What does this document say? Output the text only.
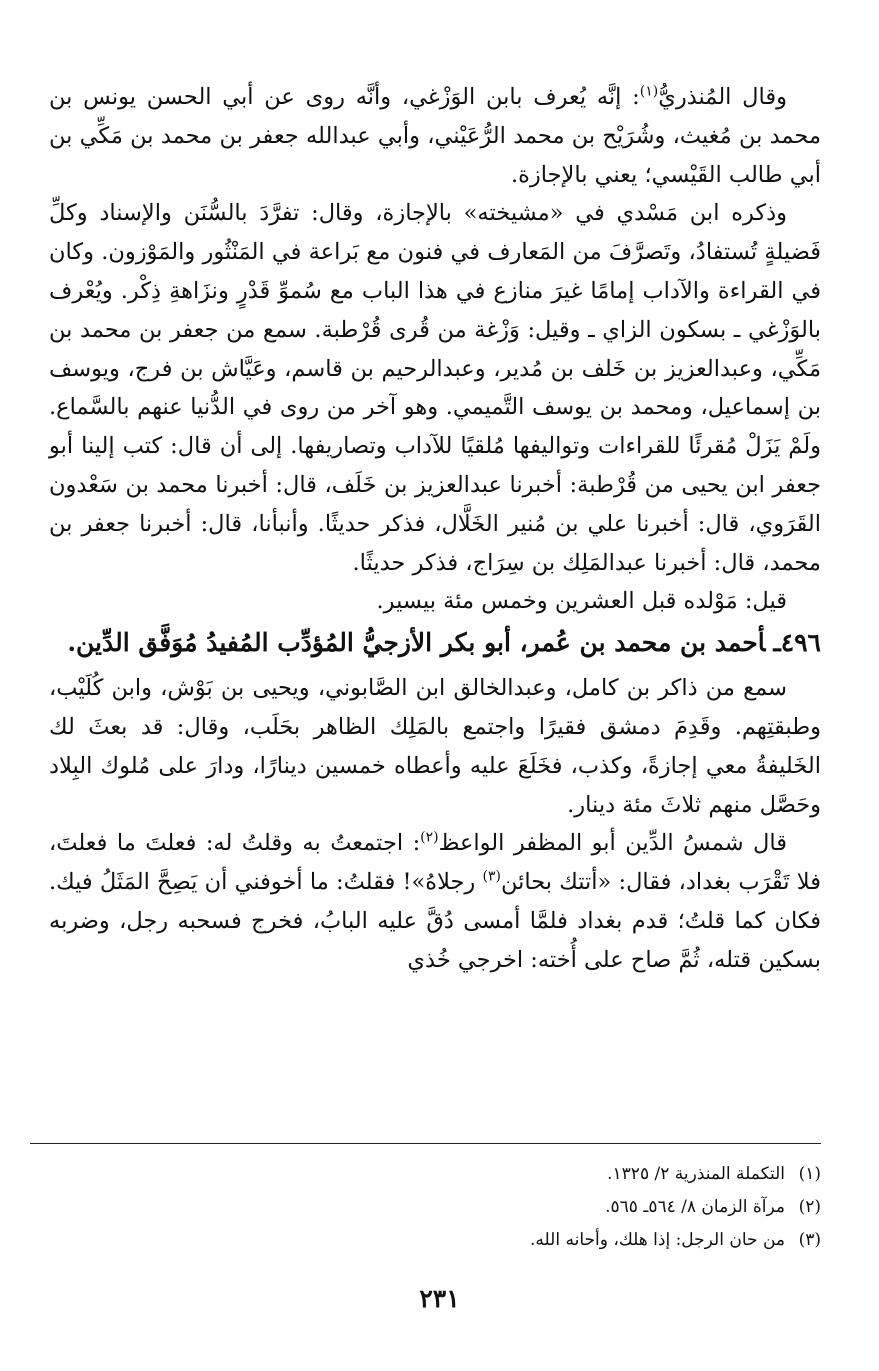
وقال المُنذريُّ$^{(١)}$: إنَّه يُعرف بابن الوَزْغي، وأنَّه روى عن أبي الحسن يونس بن محمد بن مُغيث، وشُرَيْح بن محمد الرُّعَيْني، وأبي عبدالله جعفر بن محمد بن مَكِّي بن أبي طالب القَيْسي؛ يعني بالإجازة.

وذكره ابن مَسْدي في «مشيخته» بالإجازة، وقال: تفرَّدَ بالسُّنَن والإسناد وكلِّ فَضيلةٍ تُستفادُ، وتَصرَّفَ من المَعارف في فنون مع بَراعة في المَنْثُور والمَوْزون. وكان في القراءة والآداب إمامًا غيرَ منازع في هذا الباب مع سُموِّ قَدْرٍ ونزَاهةِ ذِكْر. ويُعْرف بالوَزْغي ـ بسكون الزاي ـ وقيل: وَزْغة من قُرى قُرْطبة. سمع من جعفر بن محمد بن مَكِّي، وعبدالعزيز بن خَلف بن مُدير، وعبدالرحيم بن قاسم، وعَيَّاش بن فرج، ويوسف بن إسماعيل، ومحمد بن يوسف التَّميمي. وهو آخر من روى في الدُّنيا عنهم بالسَّماع. ولَمْ يَزَلْ مُقرئًا للقراءات وتواليفها مُلقيًا للآداب وتصاريفها. إلى أن قال: كتب إلينا أبو جعفر ابن يحيى من قُرْطبة: أخبرنا عبدالعزيز بن خَلَف، قال: أخبرنا محمد بن سَعْدون القَرَوي، قال: أخبرنا علي بن مُنير الخَلَّال، فذكر حديثًا. وأنبأنا، قال: أخبرنا جعفر بن محمد، قال: أخبرنا عبدالمَلِك بن سِرَاج، فذكر حديثًا.

قيل: مَوْلده قبل العشرين وخمس مئة بيسير.

٤٩٦ـأحمد بن محمد بن عُمر، أبو بكر الأزجيُّ المُؤدِّب المُفيدُ مُوَفَّق الدِّين.

سمع من ذاكر بن كامل، وعبدالخالق ابن الصَّابوني، ويحيى بن بَوْش، وابن كُلَيْب، وطبقتِهم. وقَدِمَ دمشق فقيرًا واجتمع بالمَلِك الظاهر بحَلَب، وقال: قد بعثَ لك الخَليفةُ معي إجازةً، وكذب، فخَلَعَ عليه وأعطاه خمسين دينارًا، ودارَ على مُلوك البِلاد وحَصَّل منهم ثلاثَ مئة دينار.

قال شمسُ الدِّين أبو المظفر الواعظ$^{(٢)}$: اجتمعتُ به وقلتُ له: فعلتَ ما فعلتَ، فلا تَقْرَب بغداد، فقال: «أتتك بحائن$^{(٣)}$ رجلاهُ»! فقلتُ: ما أخوفني أن يَصِحَّ المَثَلُ فيك. فكان كما قلتُ؛ قدم بغداد فلمَّا أمسى دُقَّ عليه البابُ، فخرج فسحبه رجل، وضربه بسكين قتله، ثُمَّ صاح على أُخته: اخرجي خُذي

(١)التكملة المنذرية ٢/ ١٣٢٥.

(٢)مرآة الزمان ٨/ ٥٦٤ـ ٥٦٥.

(٣)من حان الرجل: إذا هلك، وأحانه الله.

٢٣١
